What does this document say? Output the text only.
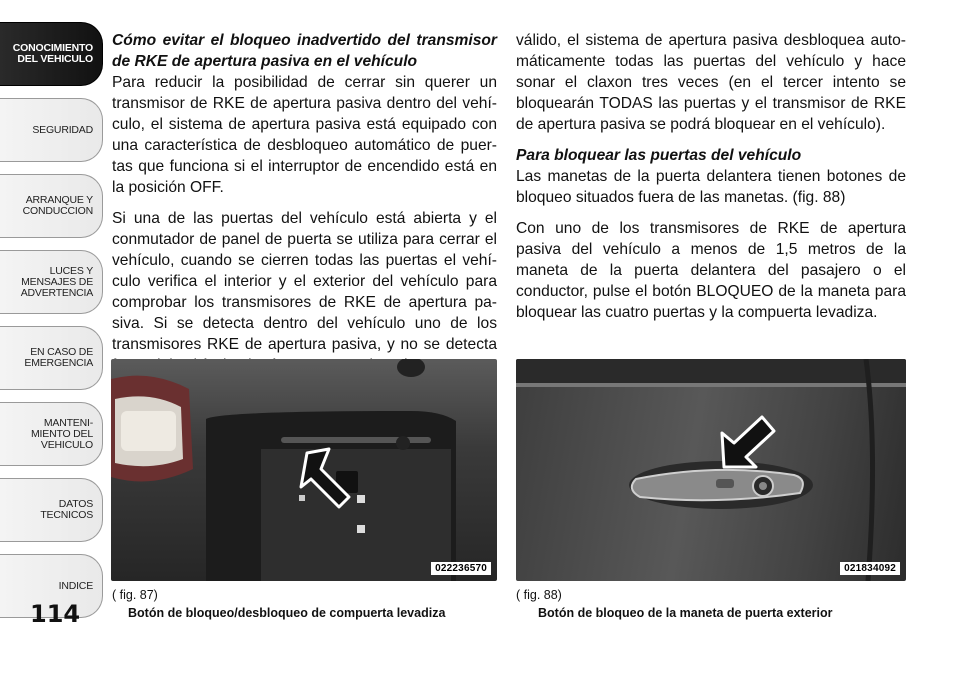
CONOCIMIENTO
DEL VEHICULO
SEGURIDAD
ARRANQUE Y
CONDUCCION
LUCES Y
MENSAJES DE
ADVERTENCIA
EN CASO DE
EMERGENCIA
MANTENI-
MIENTO DEL
VEHICULO
DATOS
TECNICOS
INDICE
114

Cómo evitar el bloqueo inadvertido del transmisor de RKE de apertura pasiva en el vehículo

Para reducir la posibilidad de cerrar sin querer un transmisor de RKE de apertura pasiva dentro del vehí-culo, el sistema de apertura pasiva está equipado con una característica de desbloqueo automático de puer-tas que funciona si el interruptor de encendido está en la posición OFF.

Si una de las puertas del vehículo está abierta y el conmutador de panel de puerta se utiliza para cerrar el vehículo, cuando se cierren todas las puertas el vehí-culo verifica el interior y el exterior del vehículo para comprobar los transmisores de RKE de apertura pa-siva. Si se detecta dentro del vehículo uno de los transmisores RKE de apertura pasiva, y no se detecta

válido, el sistema de apertura pasiva desbloquea auto-máticamente todas las puertas del vehículo y hace sonar el claxon tres veces (en el tercer intento se bloquearán TODAS las puertas y el transmisor de RKE de apertura pasiva se podrá bloquear en el vehículo).

Para bloquear las puertas del vehículo

Las manetas de la puerta delantera tienen botones de bloqueo situados fuera de las manetas. (fig. 88)

Con uno de los transmisores de RKE de apertura pasiva del vehículo a menos de 1,5 metros de la maneta de la puerta delantera del pasajero o el conductor, pulse el botón BLOQUEO de la maneta para bloquear las cuatro puertas y la compuerta levadiza.

022236570
( fig. 87)
Botón de bloqueo/desbloqueo de compuerta levadiza
021834092
( fig. 88)
Botón de bloqueo de la maneta de puerta exterior
